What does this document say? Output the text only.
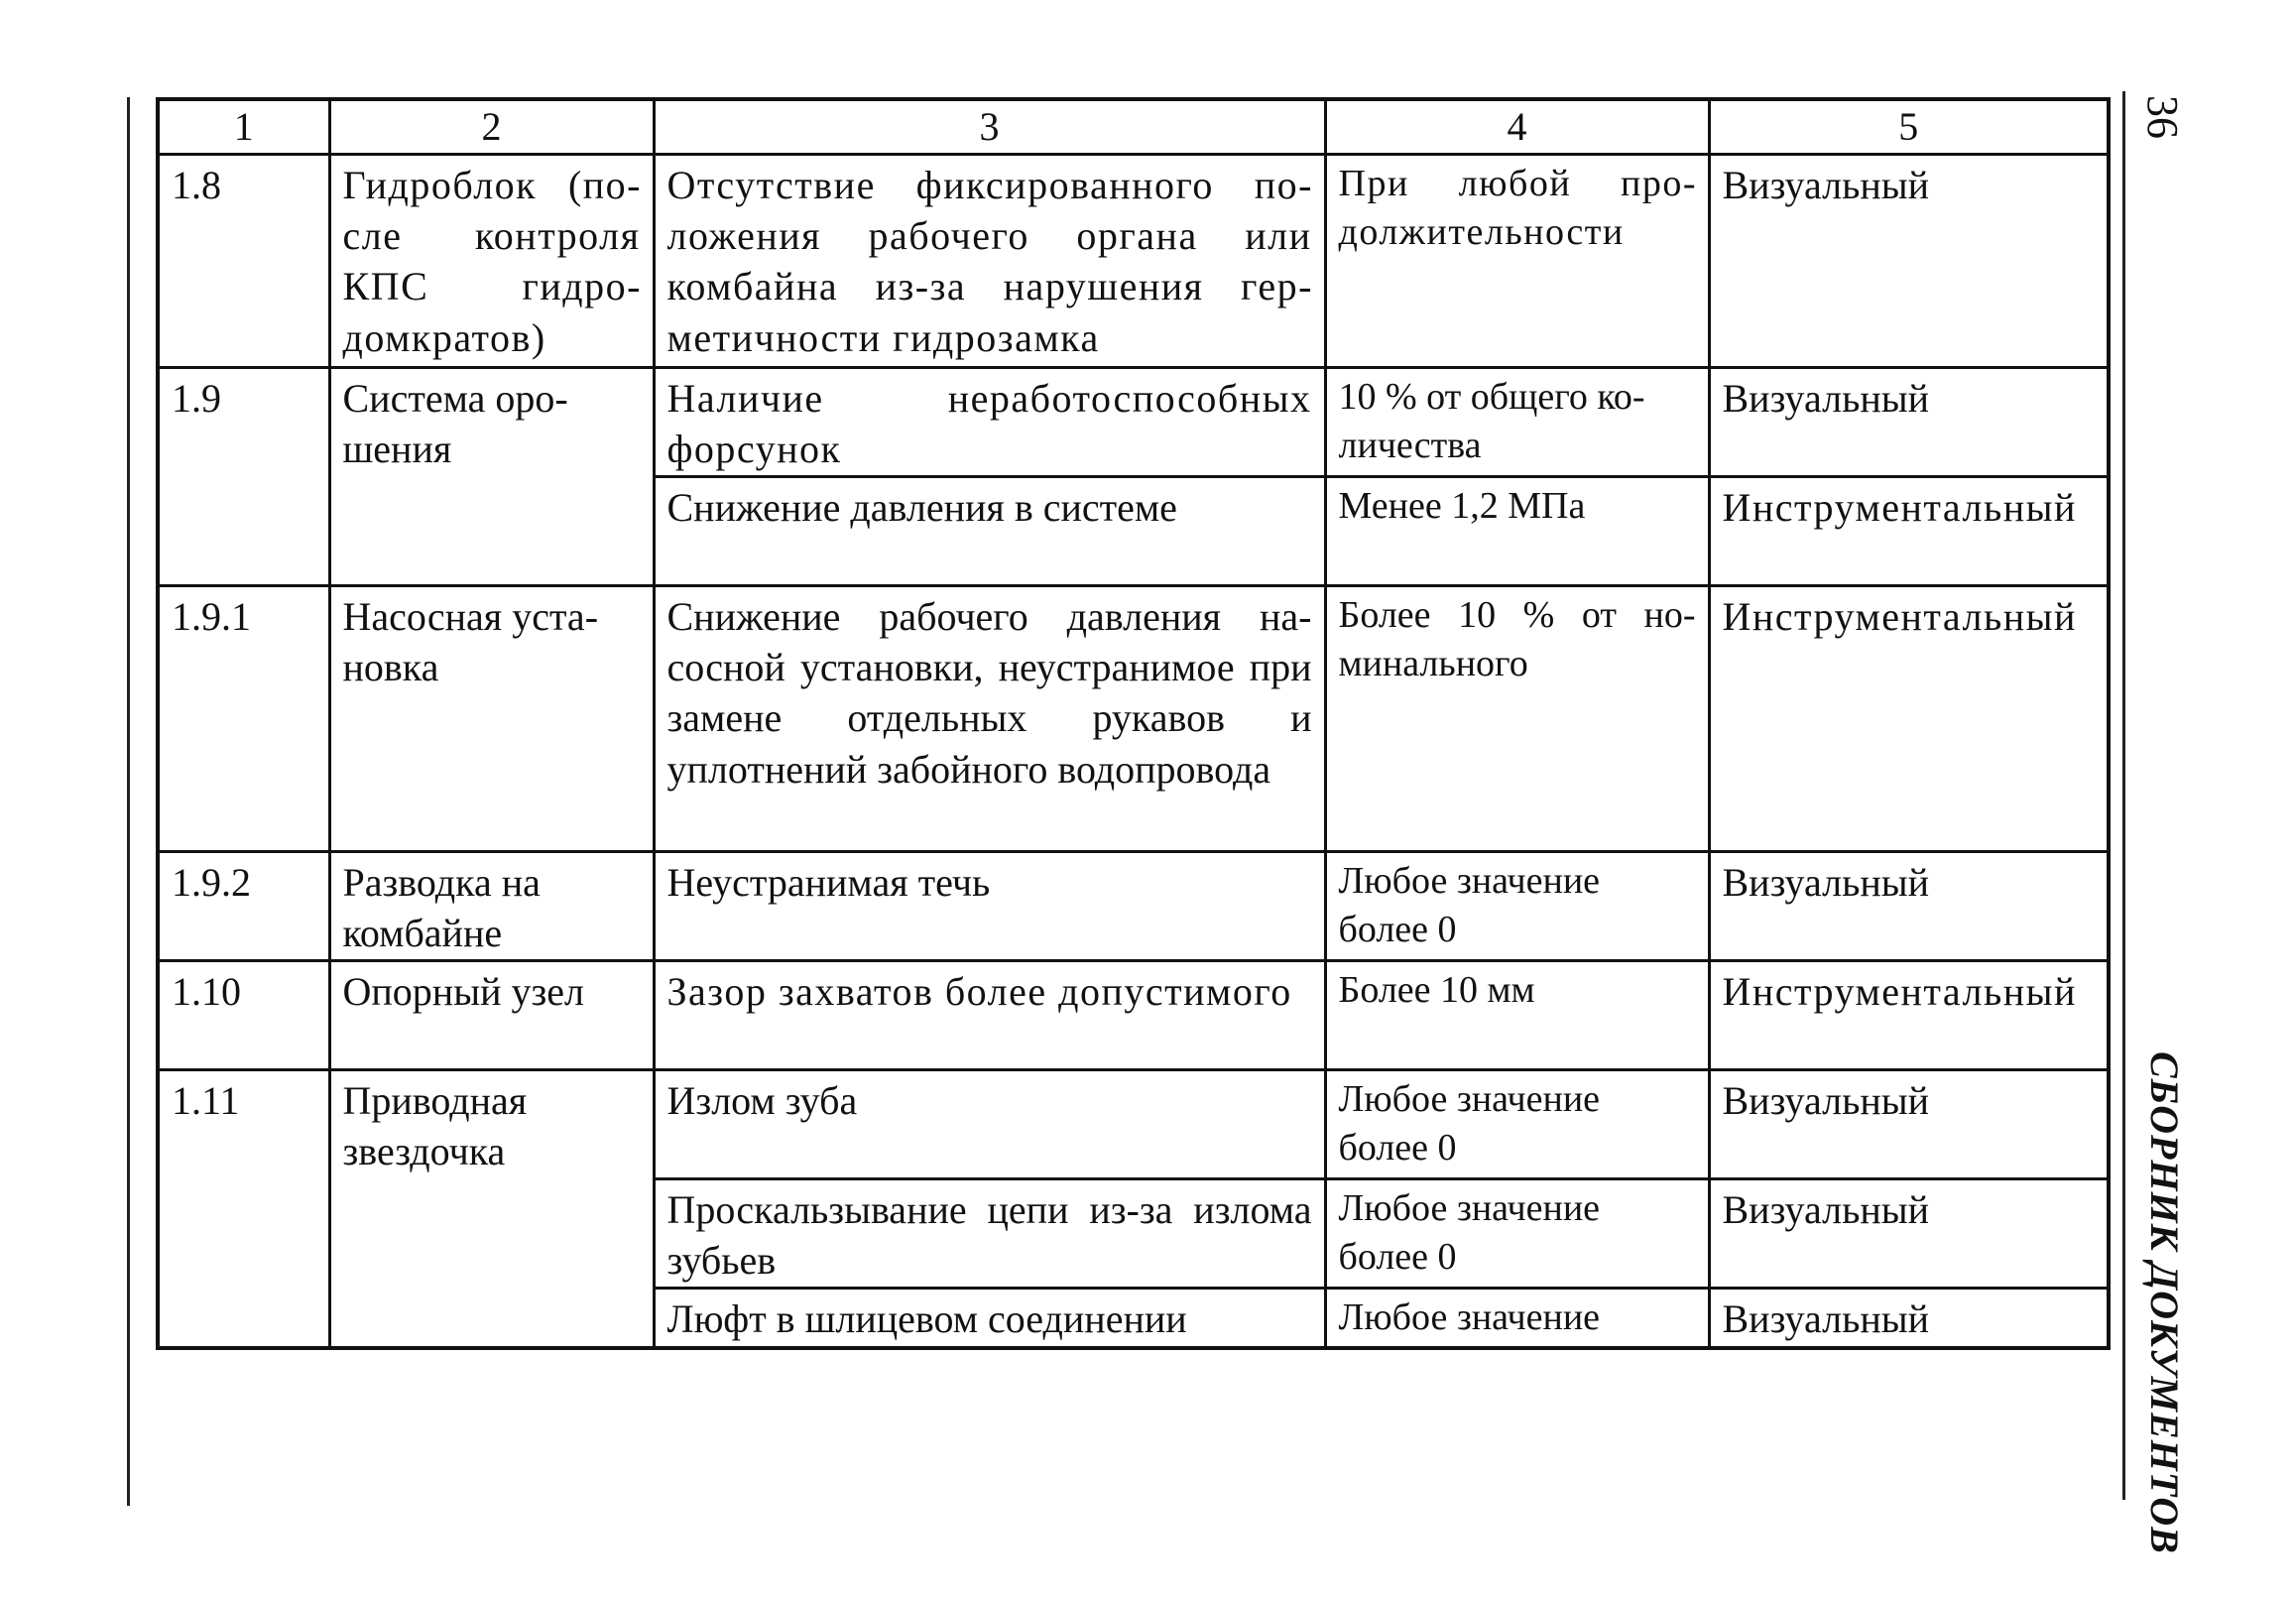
36
СБОРНИК ДОКУМЕНТОВ
1	2	3	4	5
1.8	Гидроблок (после контроля КПС гидродомкратов)	Отсутствие фиксированного положения рабочего органа или комбайна из-за нарушения герметичности гидрозамка	При любой продолжительности	Визуальный
1.9	Система орошения	Наличие неработоспособных форсунок	10 % от общего количества	Визуальный
		Снижение давления в системе	Менее 1,2 МПа	Инструментальный
1.9.1	Насосная установка	Снижение рабочего давления насосной установки, неустранимое при замене отдельных рукавов и уплотнений забойного водопровода	Более 10 % от номинального	Инструментальный
1.9.2	Разводка на комбайне	Неустранимая течь	Любое значение более 0	Визуальный
1.10	Опорный узел	Зазор захватов более допустимого	Более 10 мм	Инструментальный
1.11	Приводная звездочка	Излом зуба	Любое значение более 0	Визуальный
		Проскальзывание цепи из-за излома зубьев	Любое значение более 0	Визуальный
		Люфт в шлицевом соединении	Любое значение	Визуальный
